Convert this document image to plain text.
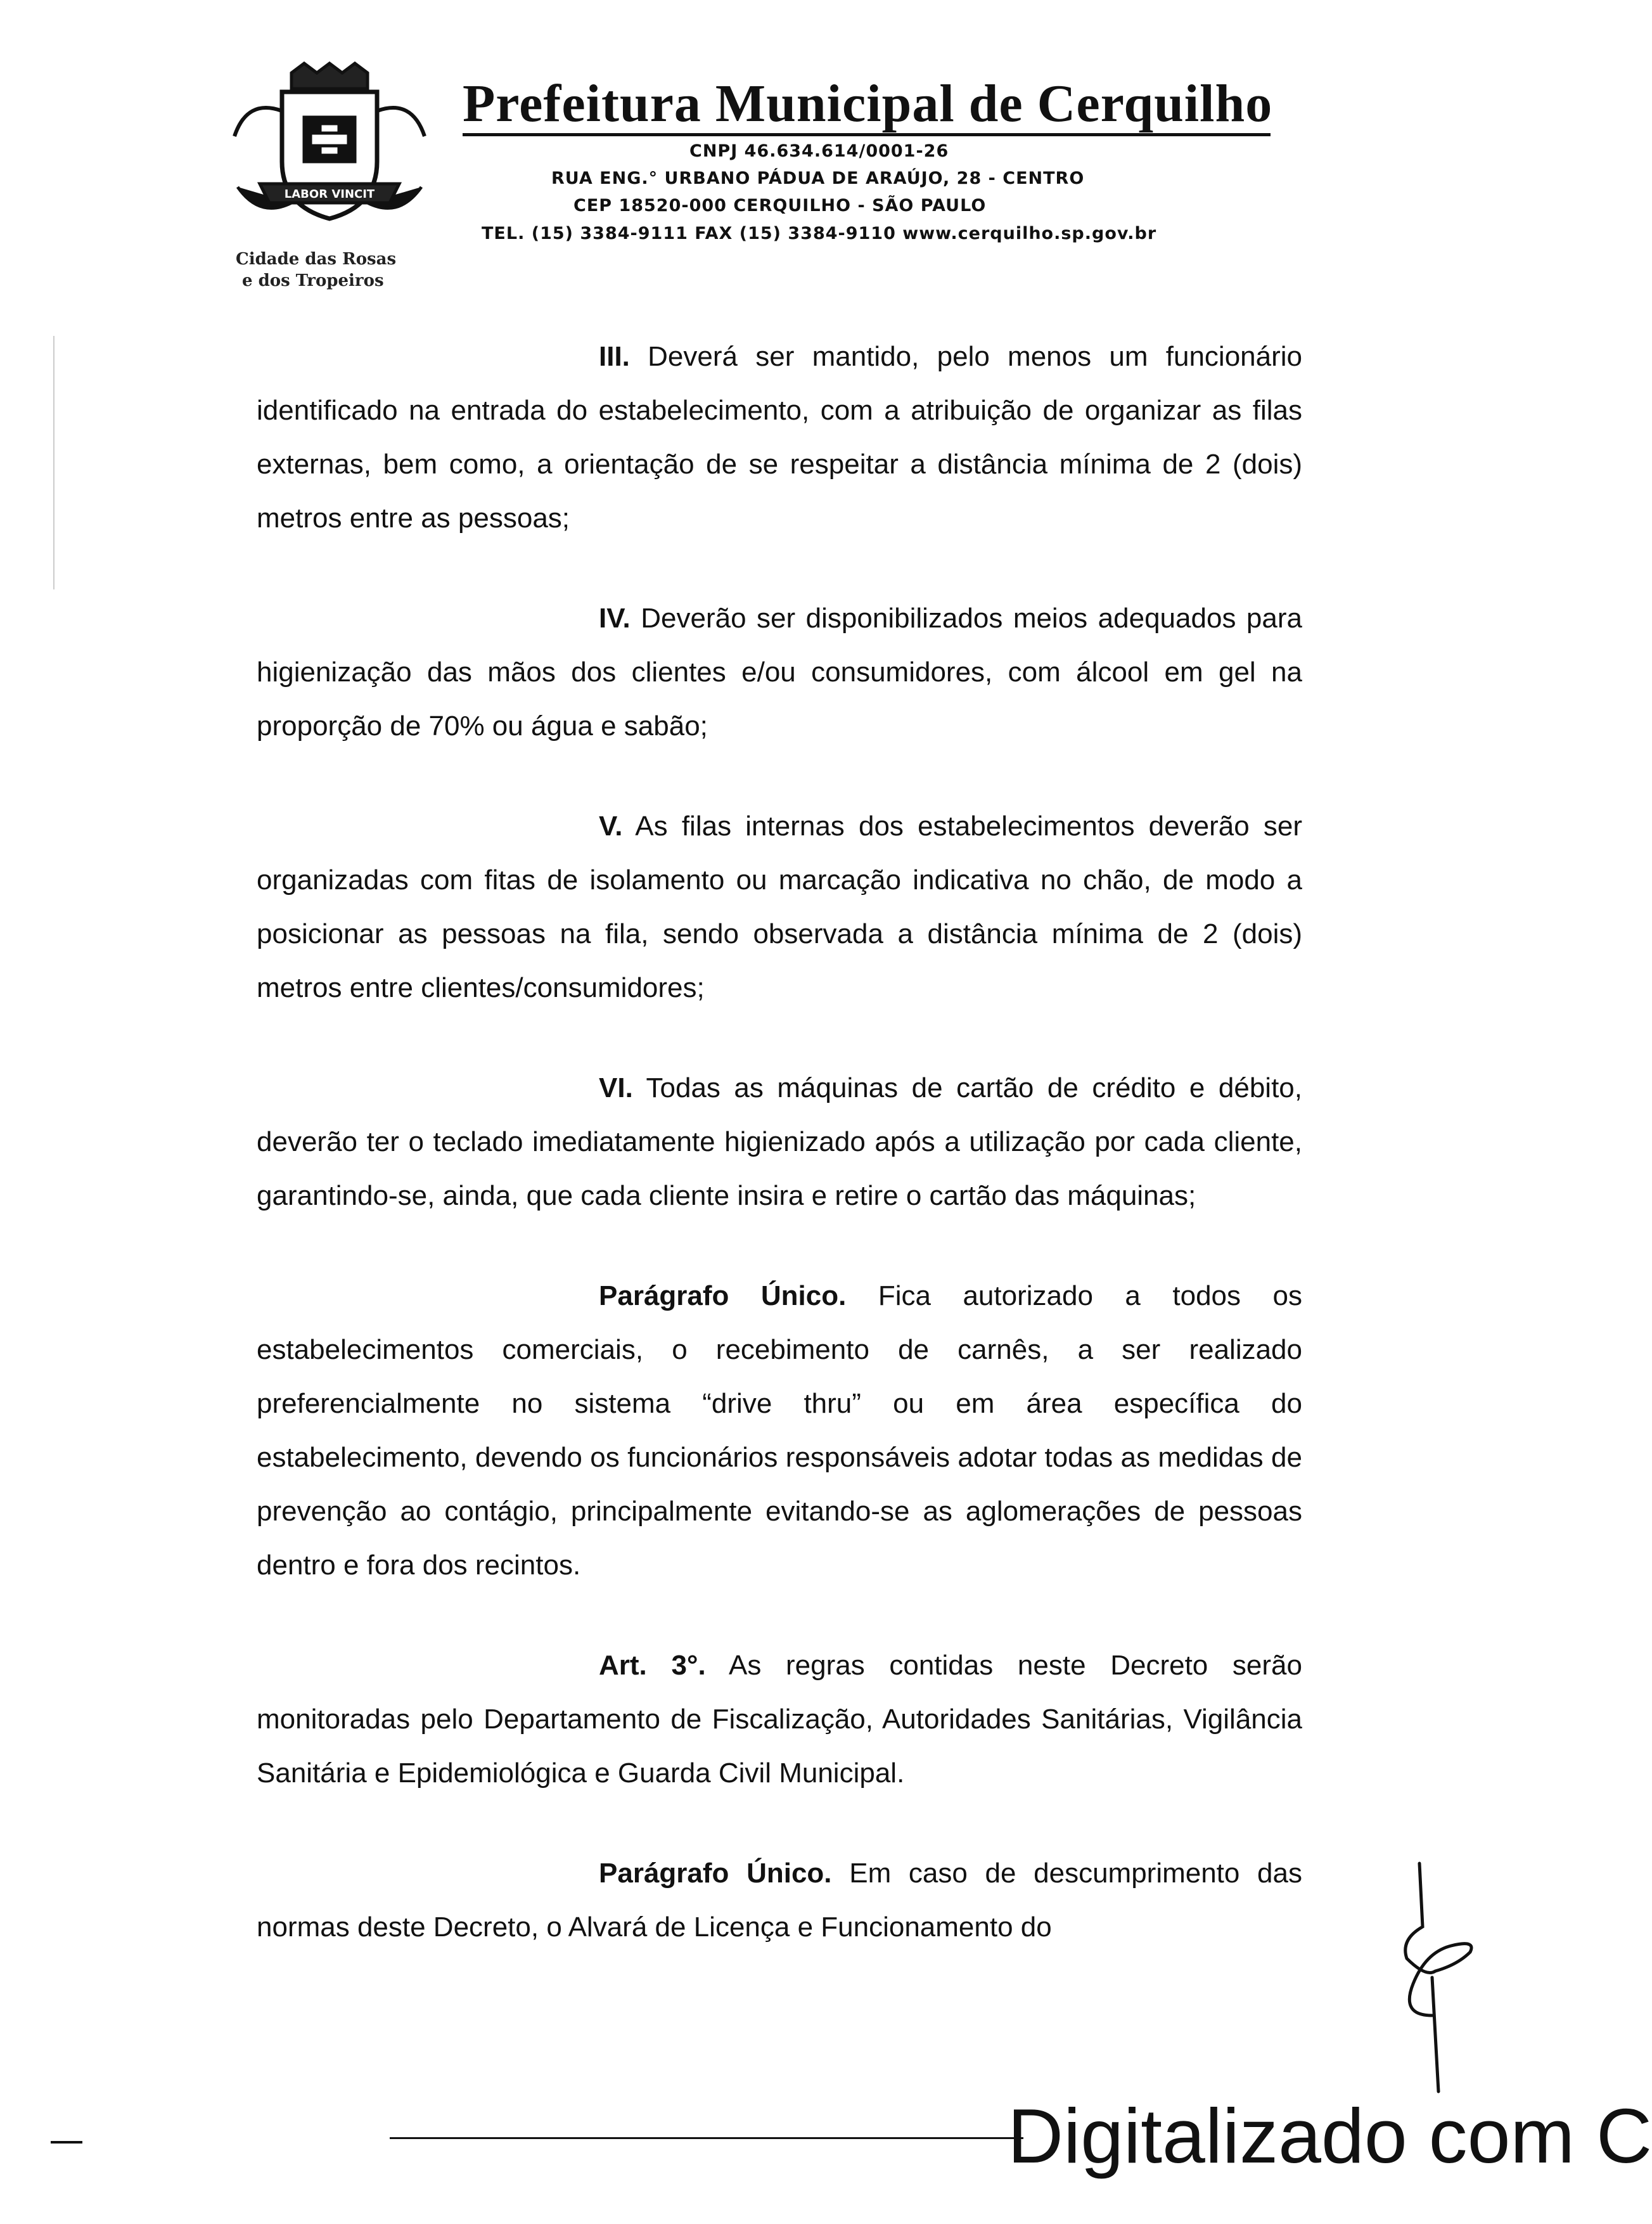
LABOR VINCIT
Cidade das Rosas
e dos Tropeiros
Prefeitura Municipal de Cerquilho
CNPJ 46.634.614/0001-26
RUA ENG.° URBANO PÁDUA DE ARAÚJO, 28 - CENTRO
CEP 18520-000 CERQUILHO - SÃO PAULO
TEL. (15) 3384-9111 FAX (15) 3384-9110 www.cerquilho.sp.gov.br

III. Deverá ser mantido, pelo menos um funcionário identificado na entrada do estabelecimento, com a atribuição de organizar as filas externas, bem como, a orientação de se respeitar a distância mínima de 2 (dois) metros entre as pessoas;

IV. Deverão ser disponibilizados meios adequados para higienização das mãos dos clientes e/ou consumidores, com álcool em gel na proporção de 70% ou água e sabão;

V. As filas internas dos estabelecimentos deverão ser organizadas com fitas de isolamento ou marcação indicativa no chão, de modo a posicionar as pessoas na fila, sendo observada a distância mínima de 2 (dois) metros entre clientes/consumidores;

VI. Todas as máquinas de cartão de crédito e débito, deverão ter o teclado imediatamente higienizado após a utilização por cada cliente, garantindo-se, ainda, que cada cliente insira e retire o cartão das máquinas;

Parágrafo Único. Fica autorizado a todos os estabelecimentos comerciais, o recebimento de carnês, a ser realizado preferencialmente no sistema “drive thru” ou em área específica do estabelecimento, devendo os funcionários responsáveis adotar todas as medidas de prevenção ao contágio, principalmente evitando-se as aglomerações de pessoas dentro e fora dos recintos.

Art. 3°. As regras contidas neste Decreto serão monitoradas pelo Departamento de Fiscalização, Autoridades Sanitárias, Vigilância Sanitária e Epidemiológica e Guarda Civil Municipal.

Parágrafo Único. Em caso de descumprimento das normas deste Decreto, o Alvará de Licença e Funcionamento do

Digitalizado com C
